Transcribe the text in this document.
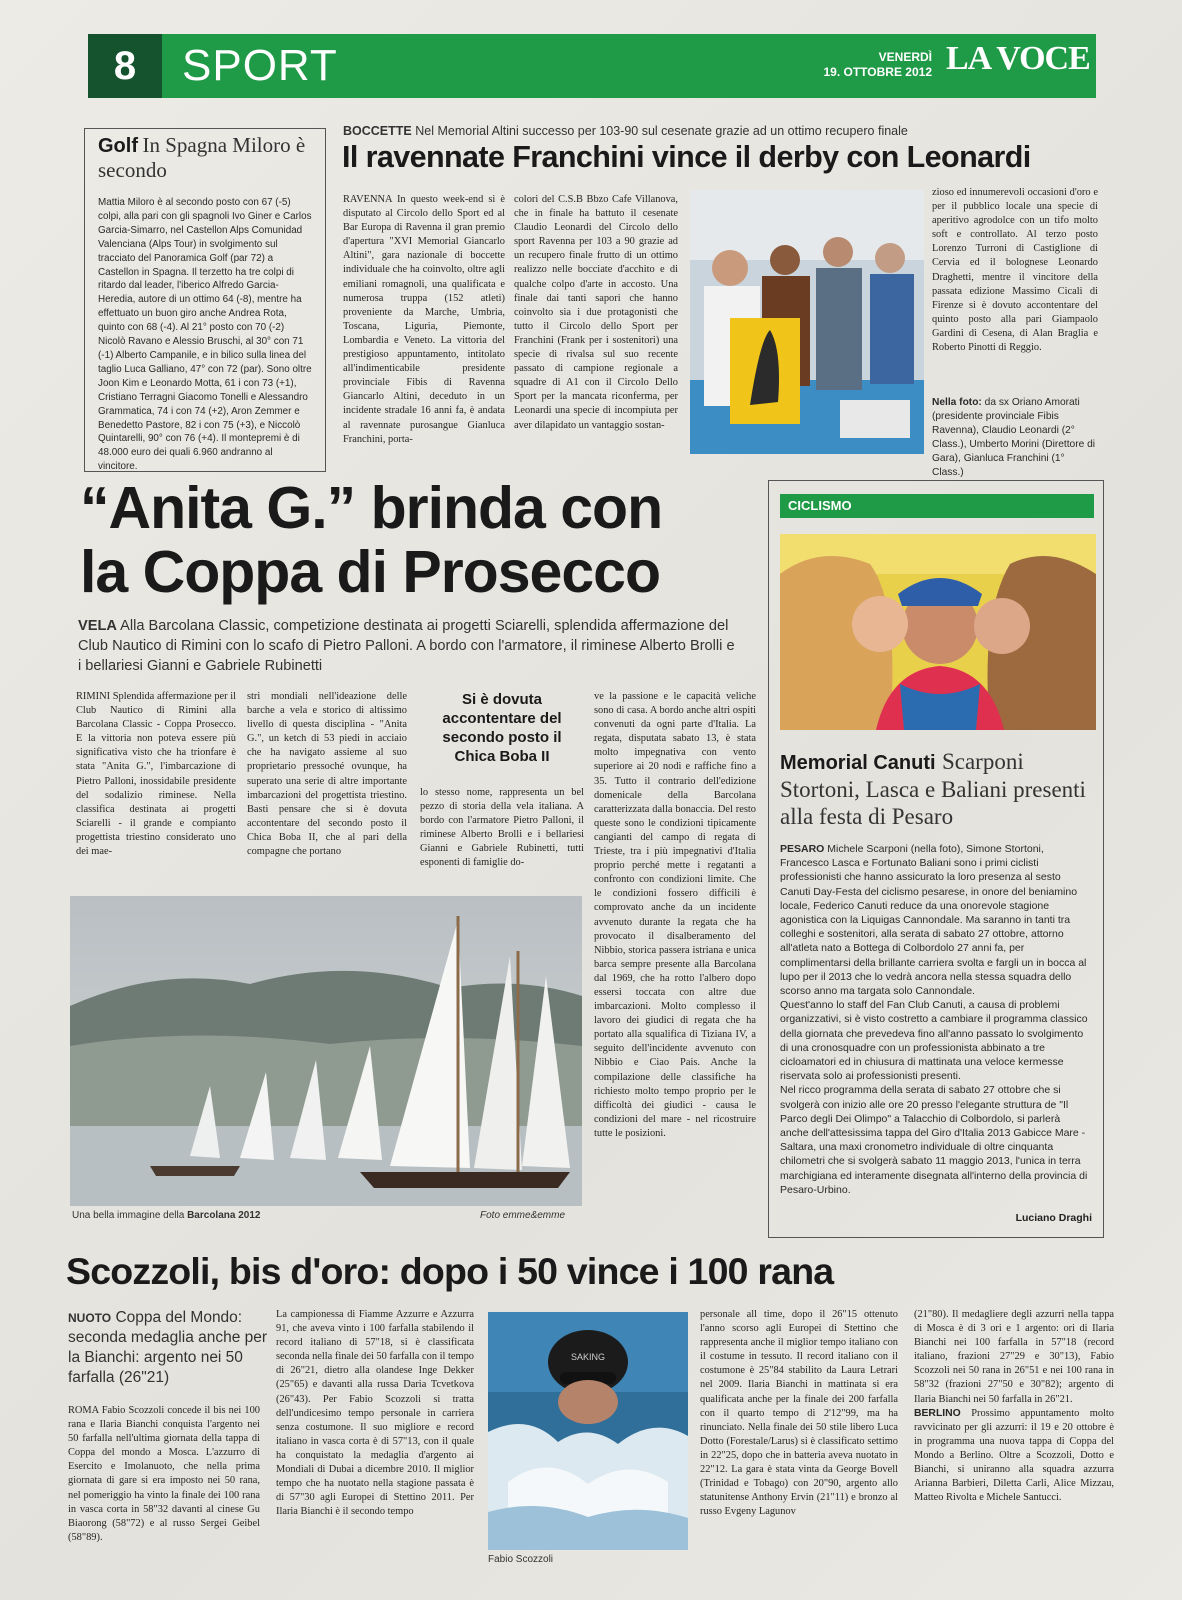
8	SPORT	VENERDÌ
19. OTTOBRE 2012 LA VOCE
Golf In Spagna Miloro è secondo
Mattia Miloro è al secondo posto con 67 (-5) colpi, alla pari con gli spagnoli Ivo Giner e Carlos Garcia-Simarro, nel Castellon Alps Comunidad Valenciana (Alps Tour) in svolgimento sul tracciato del Panoramica Golf (par 72) a Castellon in Spagna. Il terzetto ha tre colpi di ritardo dal leader, l'iberico Alfredo Garcia-Heredia, autore di un ottimo 64 (-8), mentre ha effettuato un buon giro anche Andrea Rota, quinto con 68 (-4). Al 21° posto con 70 (-2) Nicolò Ravano e Alessio Bruschi, al 30° con 71 (-1) Alberto Campanile, e in bilico sulla linea del taglio Luca Galliano, 47° con 72 (par). Sono oltre Joon Kim e Leonardo Motta, 61 i con 73 (+1), Cristiano Terragni Giacomo Tonelli e Alessandro Grammatica, 74 i con 74 (+2), Aron Zemmer e Benedetto Pastore, 82 i con 75 (+3), e Niccolò Quintarelli, 90° con 76 (+4). Il montepremi è di 48.000 euro dei quali 6.960 andranno al vincitore.
BOCCETTE Nel Memorial Altini successo per 103-90 sul cesenate grazie ad un ottimo recupero finale
Il ravennate Franchini vince il derby con Leonardi
RAVENNA In questo week-end si è disputato al Circolo dello Sport ed al Bar Europa di Ravenna il gran premio d'apertura "XVI Memorial Giancarlo Altini", gara nazionale di boccette individuale che ha coinvolto, oltre agli emiliani romagnoli, una qualificata e numerosa truppa (152 atleti) proveniente da Marche, Umbria, Toscana, Liguria, Piemonte, Lombardia e Veneto. La vittoria del prestigioso appuntamento, intitolato all'indimenticabile presidente provinciale Fibis di Ravenna Giancarlo Altini, deceduto in un incidente stradale 16 anni fa, è andata al ravennate purosangue Gianluca Franchini, porta-
colori del C.S.B Bbzo Cafe Villanova, che in finale ha battuto il cesenate Claudio Leonardi del Circolo dello sport Ravenna per 103 a 90 grazie ad un recupero finale frutto di un ottimo realizzo nelle bocciate d'acchito e di qualche colpo d'arte in accosto. Una finale dai tanti sapori che hanno coinvolto sia i due protagonisti che tutto il Circolo dello Sport per Franchini (Frank per i sostenitori) una specie di rivalsa sul suo recente passato di campione regionale a squadre di A1 con il Circolo Dello Sport per la mancata riconferma, per Leonardi una specie di incompiuta per aver dilapidato un vantaggio sostan-
zioso ed innumerevoli occasioni d'oro e per il pubblico locale una specie di aperitivo agrodolce con un tifo molto soft e controllato. Al terzo posto Lorenzo Turroni di Castiglione di Cervia ed il bolognese Leonardo Draghetti, mentre il vincitore della passata edizione Massimo Cicali di Firenze si è dovuto accontentare del quinto posto alla pari Giampaolo Gardini di Cesena, di Alan Braglia e Roberto Pinotti di Reggio.
Nella foto: da sx Oriano Amorati (presidente provinciale Fibis Ravenna), Claudio Leonardi (2° Class.), Umberto Morini (Direttore di Gara), Gianluca Franchini (1° Class.)
“Anita G.” brinda con
la Coppa di Prosecco
VELA Alla Barcolana Classic, competizione destinata ai progetti Sciarelli, splendida affermazione del Club Nautico di Rimini con lo scafo di Pietro Palloni. A bordo con l'armatore, il riminese Alberto Brolli e i bellariesi Gianni e Gabriele Rubinetti
RIMINI Splendida affermazione per il Club Nautico di Rimini alla Barcolana Classic - Coppa Prosecco. E la vittoria non poteva essere più significativa visto che ha trionfare è stata "Anita G.", l'imbarcazione di Pietro Palloni, inossidabile presidente del sodalizio riminese. Nella classifica destinata ai progetti Sciarelli - il grande e compianto progettista triestino considerato uno dei mae-
stri mondiali nell'ideazione delle barche a vela e storico di altissimo livello di questa disciplina - "Anita G.", un ketch di 53 piedi in acciaio che ha navigato assieme al suo proprietario pressoché ovunque, ha superato una serie di altre importante imbarcazioni del progettista triestino. Basti pensare che si è dovuta accontentare del secondo posto il Chica Boba II, che al pari della compagne che portano
Si è dovuta accontentare del secondo posto il Chica Boba II
lo stesso nome, rappresenta un bel pezzo di storia della vela italiana. A bordo con l'armatore Pietro Palloni, il riminese Alberto Brolli e i bellariesi Gianni e Gabriele Rubinetti, tutti esponenti di famiglie do-
ve la passione e le capacità veliche sono di casa. A bordo anche altri ospiti convenuti da ogni parte d'Italia. La regata, disputata sabato 13, è stata molto impegnativa con vento superiore ai 20 nodi e raffiche fino a 35. Tutto il contrario dell'edizione domenicale della Barcolana caratterizzata dalla bonaccia. Del resto queste sono le condizioni tipicamente cangianti del campo di regata di Trieste, tra i più impegnativi d'Italia proprio perché mette i regatanti a confronto con condizioni limite. Che le condizioni fossero difficili è comprovato anche da un incidente avvenuto durante la regata che ha provocato il disalberamento del Nibbio, storica passera istriana e unica barca sempre presente alla Barcolana dal 1969, che ha rotto l'albero dopo essersi toccata con altre due imbarcazioni. Molto complesso il lavoro dei giudici di regata che ha portato alla squalifica di Tiziana IV, a seguito dell'incidente avvenuto con Nibbio e Ciao Pais. Anche la compilazione delle classifiche ha richiesto molto tempo proprio per le difficoltà dei giudici - causa le condizioni del mare - nel ricostruire tutte le posizioni.
Una bella immagine della Barcolana 2012	Foto emme&emme
CICLISMO
Memorial Canuti Scarponi Stortoni, Lasca e Baliani presenti alla festa di Pesaro
PESARO Michele Scarponi (nella foto), Simone Stortoni, Francesco Lasca e Fortunato Baliani sono i primi ciclisti professionisti che hanno assicurato la loro presenza al sesto Canuti Day-Festa del ciclismo pesarese, in onore del beniamino locale, Federico Canuti reduce da una onorevole stagione agonistica con la Liquigas Cannondale. Ma saranno in tanti tra colleghi e sostenitori, alla serata di sabato 27 ottobre, attorno all'atleta nato a Bottega di Colbordolo 27 anni fa, per complimentarsi della brillante carriera svolta e fargli un in bocca al lupo per il 2013 che lo vedrà ancora nella stessa squadra dello scorso anno ma targata solo Cannondale.
Quest'anno lo staff del Fan Club Canuti, a causa di problemi organizzativi, si è visto costretto a cambiare il programma classico della giornata che prevedeva fino all'anno passato lo svolgimento di una cronosquadre con un professionista abbinato a tre cicloamatori ed in chiusura di mattinata una veloce kermesse riservata solo ai professionisti presenti.
Nel ricco programma della serata di sabato 27 ottobre che si svolgerà con inizio alle ore 20 presso l'elegante struttura de "Il Parco degli Dei Olimpo" a Talacchio di Colbordolo, si parlerà anche dell'attesissima tappa del Giro d'Italia 2013 Gabicce Mare -Saltara, una maxi cronometro individuale di oltre cinquanta chilometri che si svolgerà sabato 11 maggio 2013, l'unica in terra marchigiana ed interamente disegnata all'interno della provincia di Pesaro-Urbino.
Luciano Draghi
Scozzoli, bis d'oro: dopo i 50 vince i 100 rana
NUOTO Coppa del Mondo: seconda medaglia anche per la Bianchi: argento nei 50 farfalla (26"21)
ROMA Fabio Scozzoli concede il bis nei 100 rana e Ilaria Bianchi conquista l'argento nei 50 farfalla nell'ultima giornata della tappa di Coppa del mondo a Mosca. L'azzurro di Esercito e Imolanuoto, che nella prima giornata di gare si era imposto nei 50 rana, nel pomeriggio ha vinto la finale dei 100 rana in vasca corta in 58"32 davanti al cinese Gu Biaorong (58"72) e al russo Sergei Geibel (58"89).
La campionessa di Fiamme Azzurre e Azzurra 91, che aveva vinto i 100 farfalla stabilendo il record italiano di 57"18, si è classificata seconda nella finale dei 50 farfalla con il tempo di 26"21, dietro alla olandese Inge Dekker (25"65) e davanti alla russa Daria Tcvetkova (26"43). Per Fabio Scozzoli si tratta dell'undicesimo tempo personale in carriera senza costumone. Il suo migliore e record italiano in vasca corta è di 57"13, con il quale ha conquistato la medaglia d'argento ai Mondiali di Dubai a dicembre 2010. Il miglior tempo che ha nuotato nella stagione passata è di 57"30 agli Europei di Stettino 2011. Per Ilaria Bianchi è il secondo tempo
SAKING
Fabio Scozzoli
personale all time, dopo il 26"15 ottenuto l'anno scorso agli Europei di Stettino che rappresenta anche il miglior tempo italiano con il costume in tessuto. Il record italiano con il costumone è 25"84 stabilito da Laura Letrari nel 2009. Ilaria Bianchi in mattinata si era qualificata anche per la finale dei 200 farfalla con il quarto tempo di 2'12"99, ma ha rinunciato. Nella finale dei 50 stile libero Luca Dotto (Forestale/Larus) si è classificato settimo in 22"25, dopo che in batteria aveva nuotato in 22"12. La gara è stata vinta da George Bovell (Trinidad e Tobago) con 20"90, argento allo statunitense Anthony Ervin (21"11) e bronzo al russo Evgeny Lagunov
(21"80). Il medagliere degli azzurri nella tappa di Mosca è di 3 ori e 1 argento: ori di Ilaria Bianchi nei 100 farfalla in 57"18 (record italiano, frazioni 27"29 e 30"13), Fabio Scozzoli nei 50 rana in 26"51 e nei 100 rana in 58"32 (frazioni 27"50 e 30"82); argento di Ilaria Bianchi nei 50 farfalla in 26"21.
BERLINO Prossimo appuntamento molto ravvicinato per gli azzurri: il 19 e 20 ottobre è in programma una nuova tappa di Coppa del Mondo a Berlino. Oltre a Scozzoli, Dotto e Bianchi, si uniranno alla squadra azzurra Arianna Barbieri, Diletta Carli, Alice Mizzau, Matteo Rivolta e Michele Santucci.
